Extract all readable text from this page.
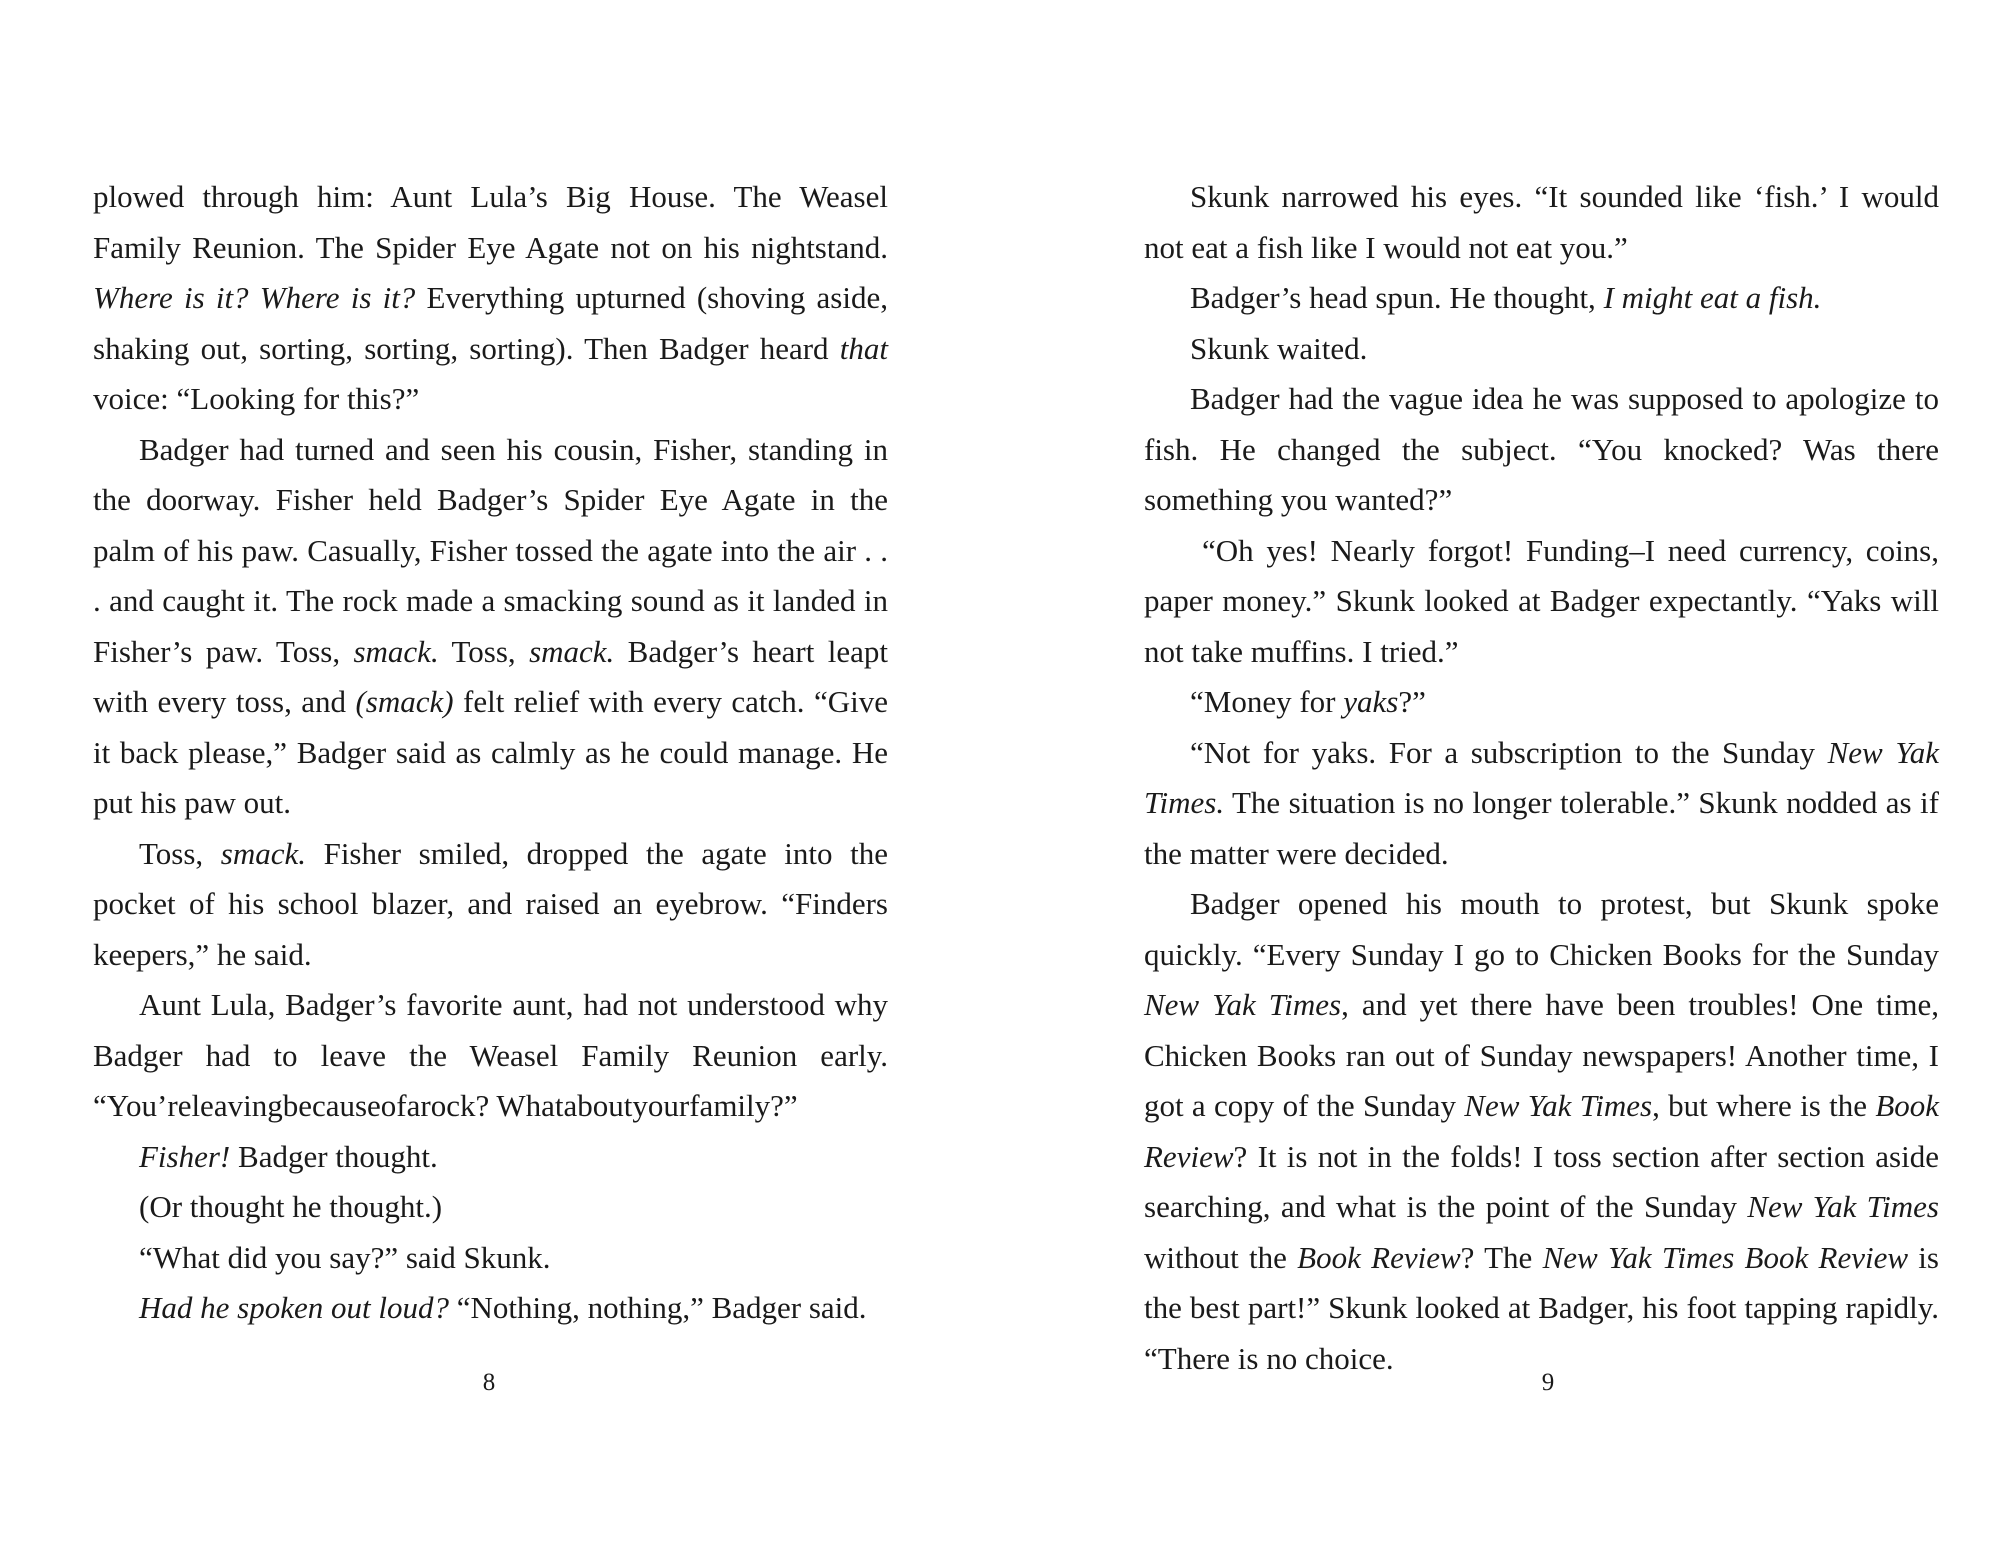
plowed through him: Aunt Lula’s Big House. The Weasel Family Reunion. The Spider Eye Agate not on his nightstand. Where is it? Where is it? Everything upturned (shoving aside, shaking out, sorting, sorting, sorting). Then Badger heard that voice: “Looking for this?”

Badger had turned and seen his cousin, Fisher, standing in the doorway. Fisher held Badger’s Spider Eye Agate in the palm of his paw. Casually, Fisher tossed the agate into the air . . . and caught it. The rock made a smacking sound as it landed in Fisher’s paw. Toss, smack. Toss, smack. Badger’s heart leapt with every toss, and (smack) felt relief with every catch. “Give it back please,” Badger said as calmly as he could manage. He put his paw out.

Toss, smack. Fisher smiled, dropped the agate into the pocket of his school blazer, and raised an eyebrow. “Finders keepers,” he said.

Aunt Lula, Badger’s favorite aunt, had not understood why Badger had to leave the Weasel Family Reunion early. “You’releavingbecauseofarock? Whataboutyourfamily?”

Fisher! Badger thought.

(Or thought he thought.)

“What did you say?” said Skunk.

Had he spoken out loud? “Nothing, nothing,” Badger said.

8

Skunk narrowed his eyes. “It sounded like ‘fish.’ I would not eat a fish like I would not eat you.”

Badger’s head spun. He thought, I might eat a fish.

Skunk waited.

Badger had the vague idea he was supposed to apologize to fish. He changed the subject. “You knocked? Was there something you wanted?”

“Oh yes! Nearly forgot! Funding–I need currency, coins, paper money.” Skunk looked at Badger expectantly. “Yaks will not take muffins. I tried.”

“Money for yaks?”

“Not for yaks. For a subscription to the Sunday New Yak Times. The situation is no longer tolerable.” Skunk nodded as if the matter were decided.

Badger opened his mouth to protest, but Skunk spoke quickly. “Every Sunday I go to Chicken Books for the Sunday New Yak Times, and yet there have been troubles! One time, Chicken Books ran out of Sunday newspapers! Another time, I got a copy of the Sunday New Yak Times, but where is the Book Review? It is not in the folds! I toss section after section aside searching, and what is the point of the Sunday New Yak Times without the Book Review? The New Yak Times Book Review is the best part!” Skunk looked at Badger, his foot tapping rapidly. “There is no choice.

9
